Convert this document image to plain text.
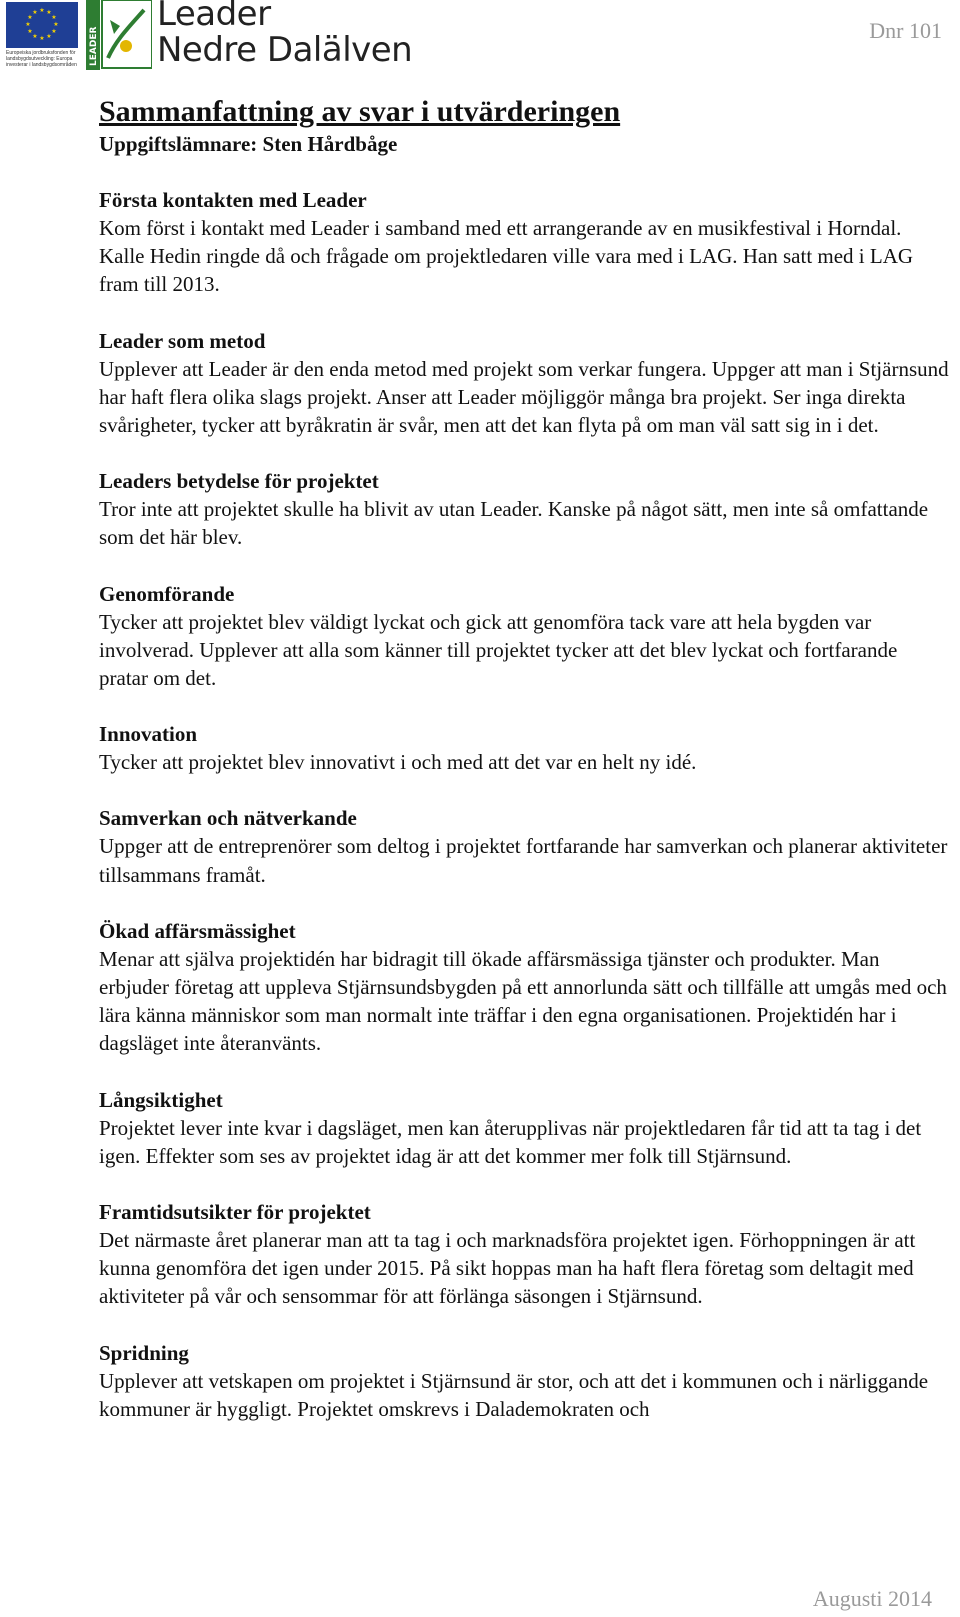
★ ★
★
★
★
★
★
★
★
★
★
★
Europeiska jordbruksfonden för landsbygdsutveckling: Europa investerar i landsbygdsområden	LEADER
Leader
Nedre Dalälven	Dnr 101
Sammanfattning av svar i utvärderingen

Uppgiftslämnare: Sten Hårdbåge

Första kontakten med Leader

Kom först i kontakt med Leader i samband med ett arrangerande av en musikfestival i Horndal. Kalle Hedin ringde då och frågade om projektledaren ville vara med i LAG. Han satt med i LAG fram till 2013.

Leader som metod

Upplever att Leader är den enda metod med projekt som verkar fungera. Uppger att man i Stjärnsund har haft flera olika slags projekt. Anser att Leader möjliggör många bra projekt. Ser inga direkta svårigheter, tycker att byråkratin är svår, men att det kan flyta på om man väl satt sig in i det.

Leaders betydelse för projektet

Tror inte att projektet skulle ha blivit av utan Leader. Kanske på något sätt, men inte så omfattande som det här blev.

Genomförande

Tycker att projektet blev väldigt lyckat och gick att genomföra tack vare att hela bygden var involverad. Upplever att alla som känner till projektet tycker att det blev lyckat och fortfarande pratar om det.

Innovation

Tycker att projektet blev innovativt i och med att det var en helt ny idé.

Samverkan och nätverkande

Uppger att de entreprenörer som deltog i projektet fortfarande har samverkan och planerar aktiviteter tillsammans framåt.

Ökad affärsmässighet

Menar att själva projektidén har bidragit till ökade affärsmässiga tjänster och produkter. Man erbjuder företag att uppleva Stjärnsundsbygden på ett annorlunda sätt och tillfälle att umgås med och lära känna människor som man normalt inte träffar i den egna organisationen. Projektidén har i dagsläget inte återanvänts.

Långsiktighet

Projektet lever inte kvar i dagsläget, men kan återupplivas när projektledaren får tid att ta tag i det igen. Effekter som ses av projektet idag är att det kommer mer folk till Stjärnsund.

Framtidsutsikter för projektet

Det närmaste året planerar man att ta tag i och marknadsföra projektet igen. Förhoppningen är att kunna genomföra det igen under 2015. På sikt hoppas man ha haft flera företag som deltagit med aktiviteter på vår och sensommar för att förlänga säsongen i Stjärnsund.

Spridning

Upplever att vetskapen om projektet i Stjärnsund är stor, och att det i kommunen och i närliggande kommuner är hyggligt. Projektet omskrevs i Dalademokraten och

Augusti 2014
